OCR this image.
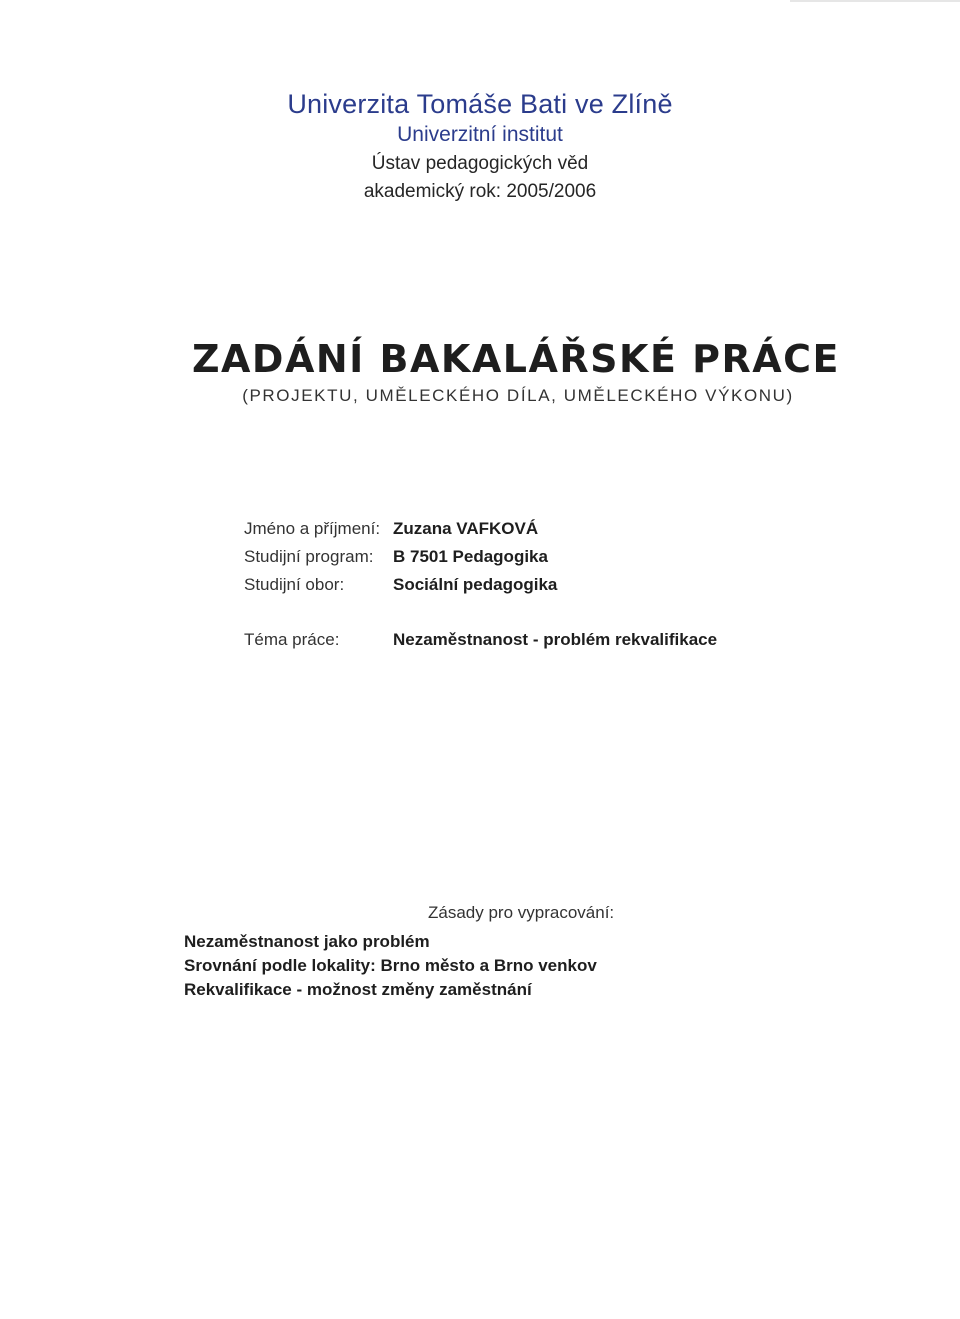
Univerzita Tomáše Bati ve Zlíně
Univerzitní institut
Ústav pedagogických věd
akademický rok: 2005/2006
ZADÁNÍ BAKALÁŘSKÉ PRÁCE
(PROJEKTU, UMĚLECKÉHO DÍLA, UMĚLECKÉHO VÝKONU)
Jméno a příjmení: Zuzana VAFKOVÁ
Studijní program: B 7501 Pedagogika
Studijní obor:	Sociální pedagogika
Téma práce:	Nezaměstnanost - problém rekvalifikace
Zásady pro vypracování:
Nezaměstnanost jako problém
Srovnání podle lokality: Brno město a Brno venkov
Rekvalifikace - možnost změny zaměstnání
